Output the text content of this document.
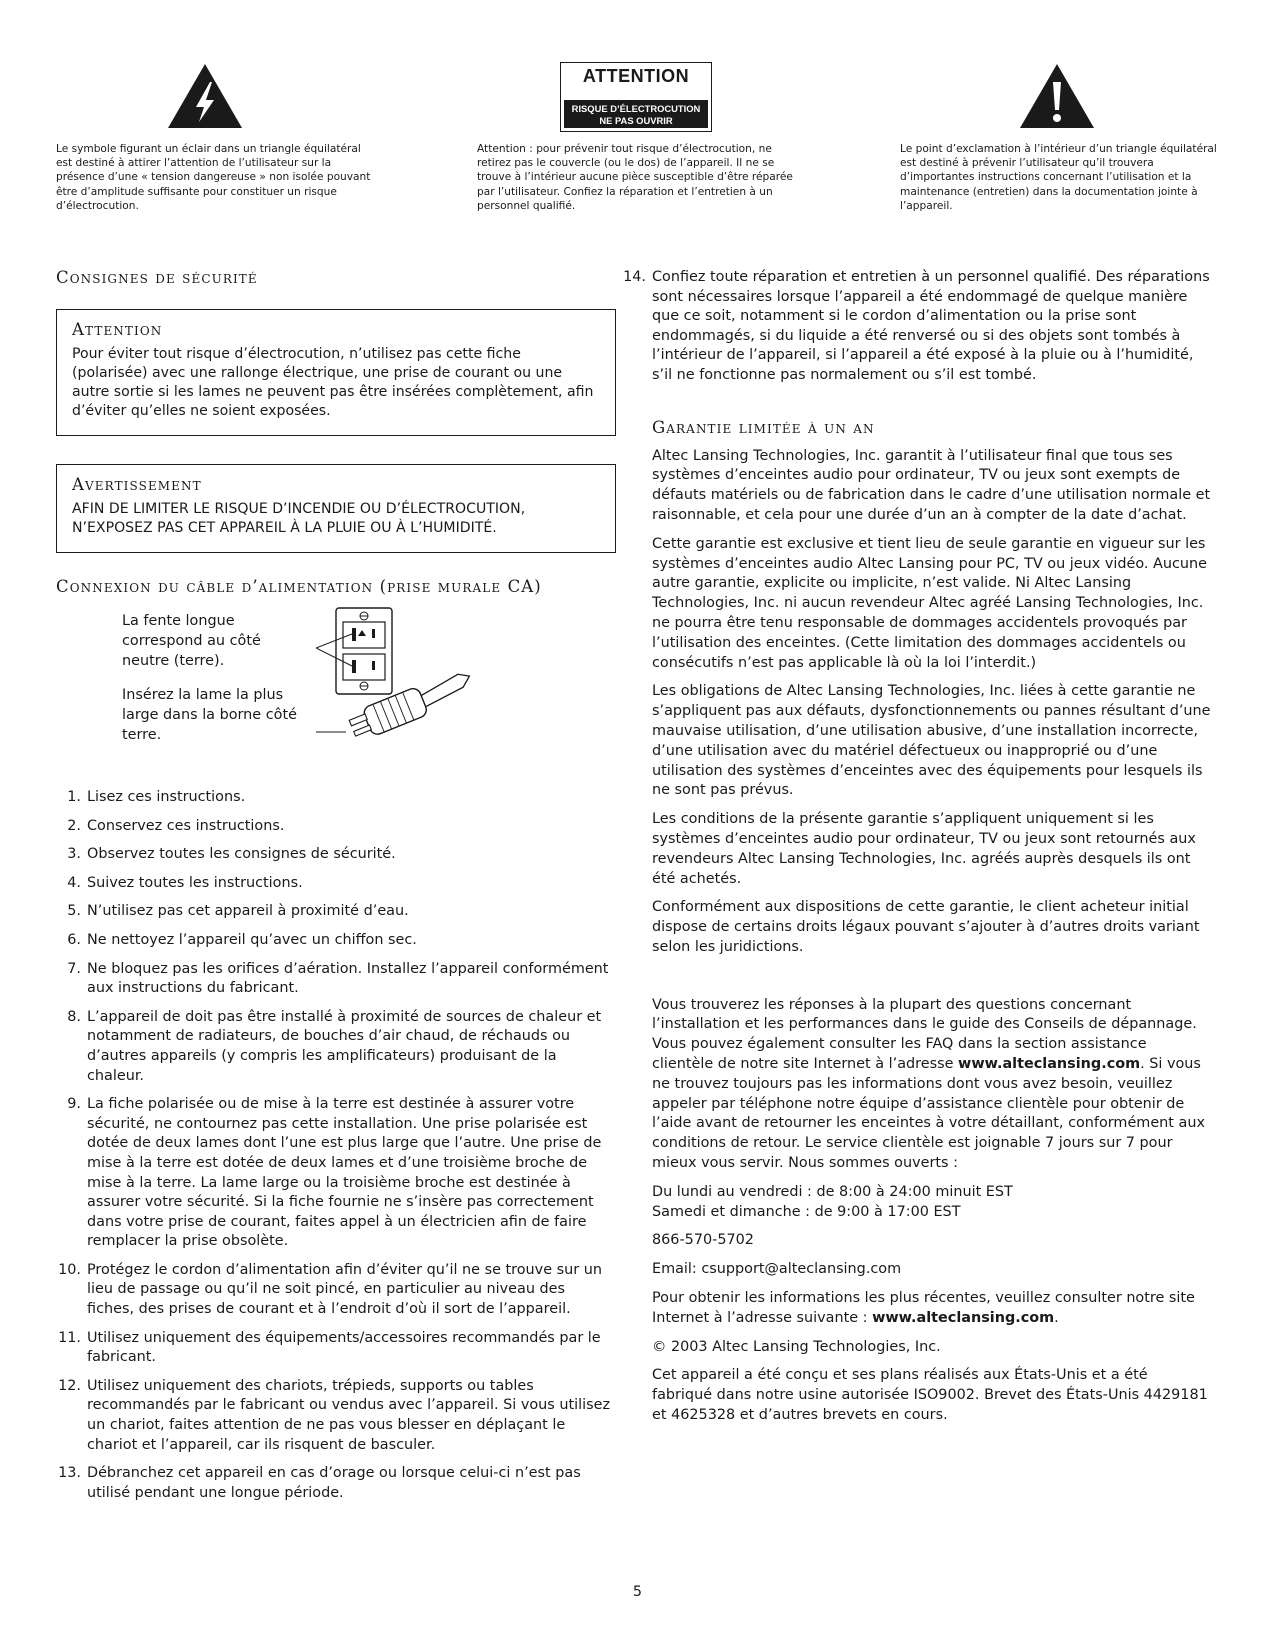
Le symbole figurant un éclair dans un triangle équilatéral est destiné à attirer l’attention de l’utilisateur sur la présence d’une « tension dangereuse » non isolée pouvant être d’amplitude suffisante pour constituer un risque d’électrocution.
ATTENTION
RISQUE D’ÉLECTROCUTION
NE PAS OUVRIR
Attention : pour prévenir tout risque d’électrocution, ne retirez pas le couvercle (ou le dos) de l’appareil. Il ne se trouve à l’intérieur aucune pièce susceptible d’être réparée par l’utilisateur. Confiez la réparation et l’entretien à un personnel qualifié.
Le point d’exclamation à l’intérieur d’un triangle équilatéral est destiné à prévenir l’utilisateur qu’il trouvera d’importantes instructions concernant l’utilisation et la maintenance (entretien) dans la documentation jointe à l’appareil.
Consignes de sécurité
Attention

Pour éviter tout risque d’électrocution, n’utilisez pas cette fiche (polarisée) avec une rallonge électrique, une prise de courant ou une autre sortie si les lames ne peuvent pas être insérées complètement, afin d’éviter qu’elles ne soient exposées.

Avertissement

AFIN DE LIMITER LE RISQUE D’INCENDIE OU D’ÉLECTROCUTION, N’EXPOSEZ PAS CET APPAREIL À LA PLUIE OU À L’HUMIDITÉ.

Connexion du câble d’alimentation (prise murale CA)
La fente longue correspond au côté neutre (terre).
Insérez la lame la plus large dans la borne côté terre.
1. Lisez ces instructions.
2. Conservez ces instructions.
3. Observez toutes les consignes de sécurité.
4. Suivez toutes les instructions.
5. N’utilisez pas cet appareil à proximité d’eau.
6. Ne nettoyez l’appareil qu’avec un chiffon sec.
7. Ne bloquez pas les orifices d’aération. Installez l’appareil conformément aux instructions du fabricant.
8. L’appareil de doit pas être installé à proximité de sources de chaleur et notamment de radiateurs, de bouches d’air chaud, de réchauds ou d’autres appareils (y compris les amplificateurs) produisant de la chaleur.
9. La fiche polarisée ou de mise à la terre est destinée à assurer votre sécurité, ne contournez pas cette installation. Une prise polarisée est dotée de deux lames dont l’une est plus large que l’autre. Une prise de mise à la terre est dotée de deux lames et d’une troisième broche de mise à la terre. La lame large ou la troisième broche est destinée à assurer votre sécurité. Si la fiche fournie ne s’insère pas correctement dans votre prise de courant, faites appel à un électricien afin de faire remplacer la prise obsolète.
10. Protégez le cordon d’alimentation afin d’éviter qu’il ne se trouve sur un lieu de passage ou qu’il ne soit pincé, en particulier au niveau des fiches, des prises de courant et à l’endroit d’où il sort de l’appareil.
11. Utilisez uniquement des équipements/accessoires recommandés par le fabricant.
12. Utilisez uniquement des chariots, trépieds, supports ou tables recommandés par le fabricant ou vendus avec l’appareil. Si vous utilisez un chariot, faites attention de ne pas vous blesser en déplaçant le chariot et l’appareil, car ils risquent de basculer.
13. Débranchez cet appareil en cas d’orage ou lorsque celui-ci n’est pas utilisé pendant une longue période.
14. Confiez toute réparation et entretien à un personnel qualifié. Des réparations sont nécessaires lorsque l’appareil a été endommagé de quelque manière que ce soit, notamment si le cordon d’alimentation ou la prise sont endommagés, si du liquide a été renversé ou si des objets sont tombés à l’intérieur de l’appareil, si l’appareil a été exposé à la pluie ou à l’humidité, s’il ne fonctionne pas normalement ou s’il est tombé.
Garantie limitée à un an

Altec Lansing Technologies, Inc. garantit à l’utilisateur final que tous ses systèmes d’enceintes audio pour ordinateur, TV ou jeux sont exempts de défauts matériels ou de fabrication dans le cadre d’une utilisation normale et raisonnable, et cela pour une durée d’un an à compter de la date d’achat.

Cette garantie est exclusive et tient lieu de seule garantie en vigueur sur les systèmes d’enceintes audio Altec Lansing pour PC, TV ou jeux vidéo. Aucune autre garantie, explicite ou implicite, n’est valide. Ni Altec Lansing Technologies, Inc. ni aucun revendeur Altec agréé Lansing Technologies, Inc. ne pourra être tenu responsable de dommages accidentels provoqués par l’utilisation des enceintes. (Cette limitation des dommages accidentels ou consécutifs n’est pas applicable là où la loi l’interdit.)

Les obligations de Altec Lansing Technologies, Inc. liées à cette garantie ne s’appliquent pas aux défauts, dysfonctionnements ou pannes résultant d’une mauvaise utilisation, d’une utilisation abusive, d’une installation incorrecte, d’une utilisation avec du matériel défectueux ou inapproprié ou d’une utilisation des systèmes d’enceintes avec des équipements pour lesquels ils ne sont pas prévus.

Les conditions de la présente garantie s’appliquent uniquement si les systèmes d’enceintes audio pour ordinateur, TV ou jeux sont retournés aux revendeurs Altec Lansing Technologies, Inc. agréés auprès desquels ils ont été achetés.

Conformément aux dispositions de cette garantie, le client acheteur initial dispose de certains droits légaux pouvant s’ajouter à d’autres droits variant selon les juridictions.

Vous trouverez les réponses à la plupart des questions concernant l’installation et les performances dans le guide des Conseils de dépannage. Vous pouvez également consulter les FAQ dans la section assistance clientèle de notre site Internet à l’adresse www.alteclansing.com. Si vous ne trouvez toujours pas les informations dont vous avez besoin, veuillez appeler par téléphone notre équipe d’assistance clientèle pour obtenir de l’aide avant de retourner les enceintes à votre détaillant, conformément aux conditions de retour. Le service clientèle est joignable 7 jours sur 7 pour mieux vous servir. Nous sommes ouverts :

Du lundi au vendredi : de 8:00 à 24:00 minuit EST
Samedi et dimanche : de 9:00 à 17:00 EST

866-570-5702

Email: csupport@alteclansing.com

Pour obtenir les informations les plus récentes, veuillez consulter notre site Internet à l’adresse suivante : www.alteclansing.com.

© 2003 Altec Lansing Technologies, Inc.

Cet appareil a été conçu et ses plans réalisés aux États-Unis et a été fabriqué dans notre usine autorisée ISO9002. Brevet des États-Unis 4429181 et 4625328 et d’autres brevets en cours.

5
